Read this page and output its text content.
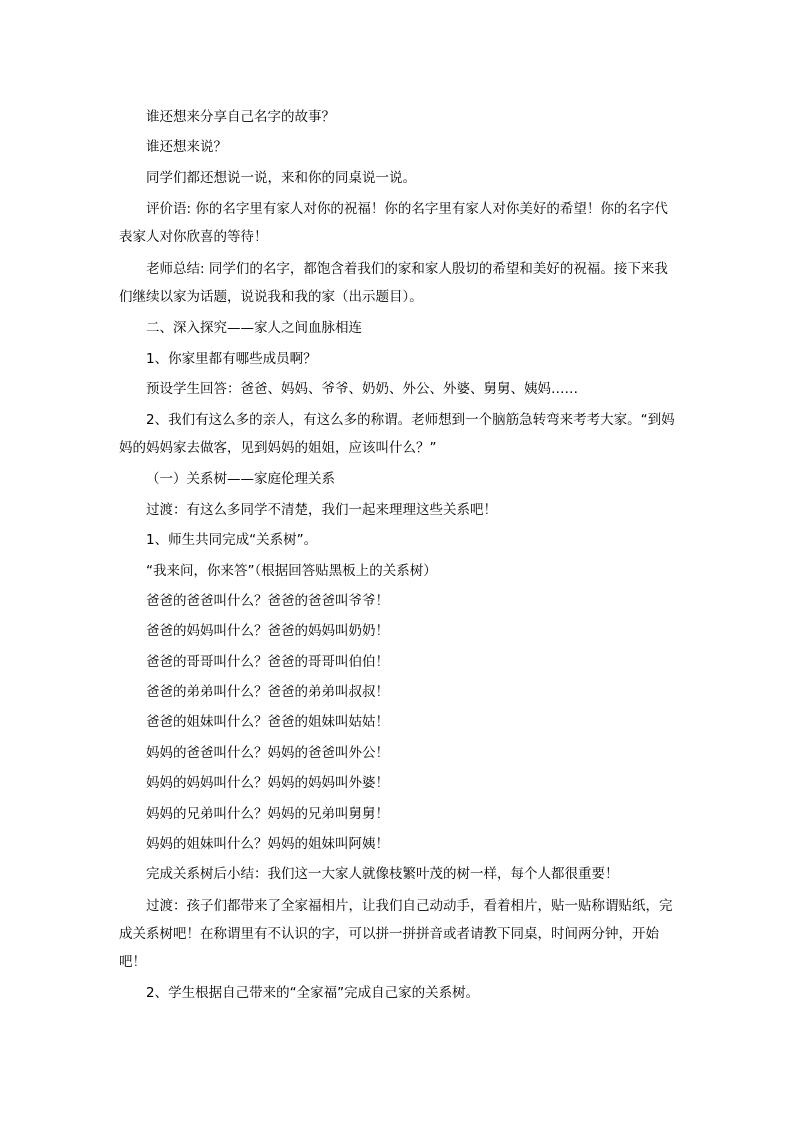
谁还想来分享自己名字的故事？

谁还想来说？

同学们都还想说一说，来和你的同桌说一说。

评价语: 你的名字里有家人对你的祝福！你的名字里有家人对你美好的希望！你的名字代表家人对你欣喜的等待！

老师总结: 同学们的名字，都饱含着我们的家和家人殷切的希望和美好的祝福。接下来我们继续以家为话题，说说我和我的家（出示题目）。

二、深入探究——家人之间血脉相连

1、你家里都有哪些成员啊？

预设学生回答：爸爸、妈妈、爷爷、奶奶、外公、外婆、舅舅、姨妈……

2、我们有这么多的亲人，有这么多的称谓。老师想到一个脑筋急转弯来考考大家。“到妈妈的妈妈家去做客，见到妈妈的姐姐，应该叫什么？”

（一）关系树——家庭伦理关系

过渡：有这么多同学不清楚，我们一起来理理这些关系吧！

1、师生共同完成“关系树”。

“我来问，你来答”（根据回答贴黑板上的关系树）

爸爸的爸爸叫什么？爸爸的爸爸叫爷爷！

爸爸的妈妈叫什么？爸爸的妈妈叫奶奶！

爸爸的哥哥叫什么？爸爸的哥哥叫伯伯！

爸爸的弟弟叫什么？爸爸的弟弟叫叔叔！

爸爸的姐妹叫什么？爸爸的姐妹叫姑姑！

妈妈的爸爸叫什么？妈妈的爸爸叫外公！

妈妈的妈妈叫什么？妈妈的妈妈叫外婆！

妈妈的兄弟叫什么？妈妈的兄弟叫舅舅！

妈妈的姐妹叫什么？妈妈的姐妹叫阿姨！

完成关系树后小结：我们这一大家人就像枝繁叶茂的树一样，每个人都很重要！

过渡：孩子们都带来了全家福相片，让我们自己动动手，看着相片，贴一贴称谓贴纸，完成关系树吧！在称谓里有不认识的字，可以拼一拼拼音或者请教下同桌，时间两分钟，开始吧！

2、学生根据自己带来的“全家福”完成自己家的关系树。
